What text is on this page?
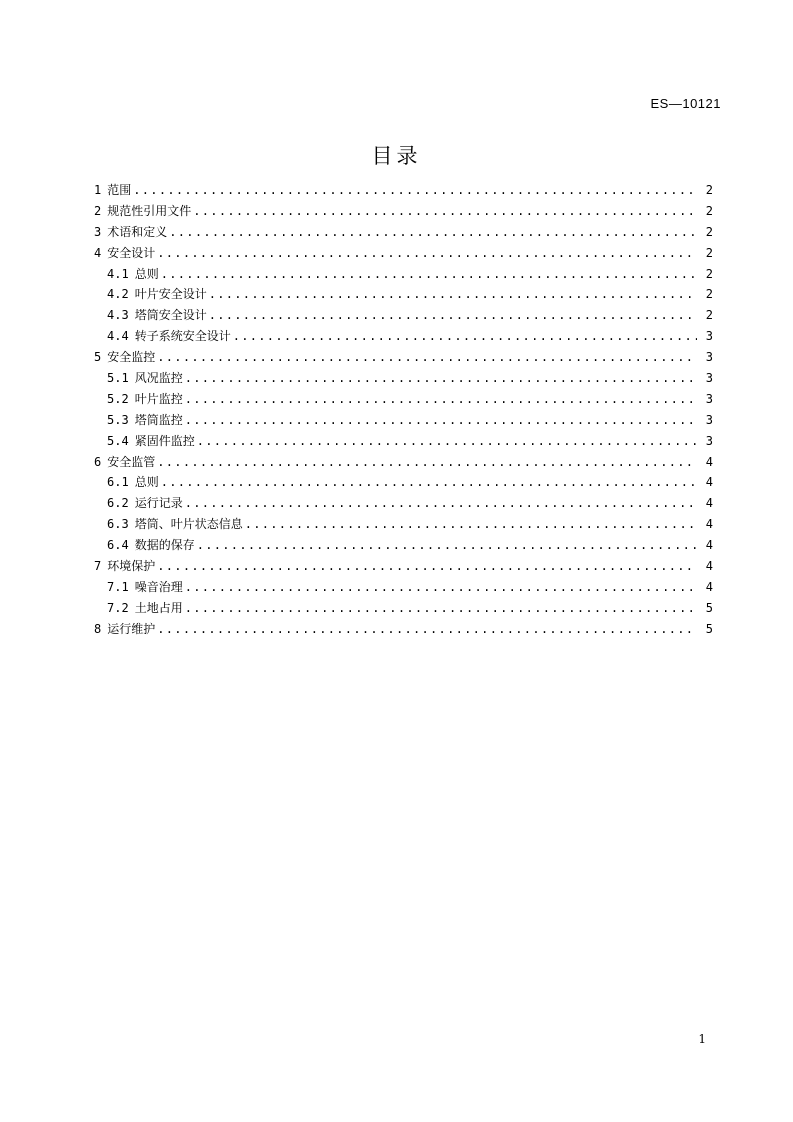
ES—10121
目录
1 范围 .....	2
2 规范性引用文件 .....	2
3 术语和定义 .....	2
4 安全设计 .....	2
4.1 总则 .....	2
4.2 叶片安全设计 .....	2
4.3 塔筒安全设计 .....	2
4.4 转子系统安全设计 .....	3
5 安全监控 .....	3
5.1 风况监控 .....	3
5.2 叶片监控 .....	3
5.3 塔筒监控 .....	3
5.4 紧固件监控 .....	3
6 安全监管 .....	4
6.1 总则 .....	4
6.2 运行记录 .....	4
6.3 塔筒、叶片状态信息 .....	4
6.4 数据的保存 .....	4
7 环境保护 .....	4
7.1 噪音治理 .....	4
7.2 土地占用 .....	5
8 运行维护 .....	5
1
